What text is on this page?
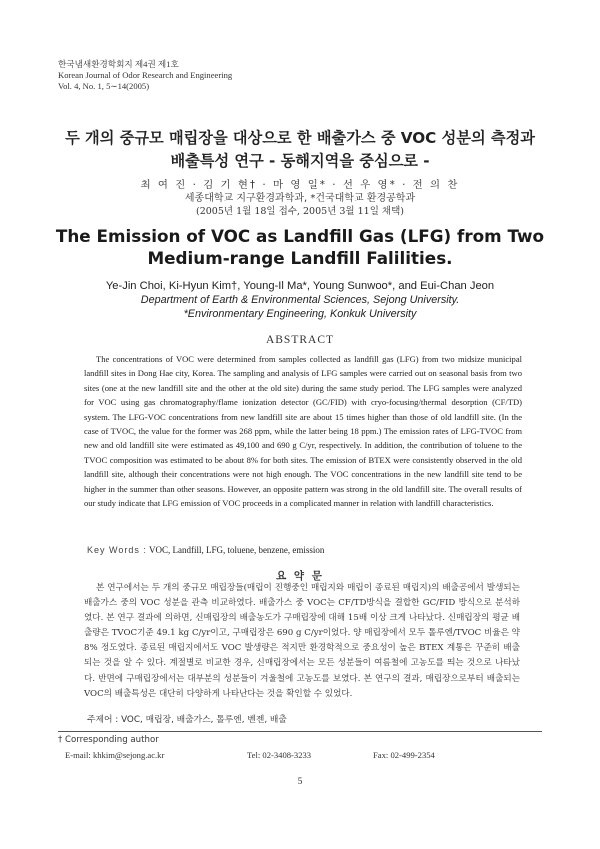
한국냄새환경학회지 제4권 제1호
Korean Journal of Odor Research and Engineering
Vol. 4, No. 1, 5∼14(2005)
두 개의 중규모 매립장을 대상으로 한 배출가스 중 VOC 성분의 측정과
배출특성 연구 - 동해지역을 중심으로 -
최 여 진 · 김 기 현† · 마 영 일* · 선 우 영* · 전 의 찬
세종대학교 지구환경과학과, *건국대학교 환경공학과
(2005년 1월 18일 접수, 2005년 3월 11일 채택)
The Emission of VOC as Landfill Gas (LFG) from Two Medium-range Landfill Falilities.
Ye-Jin Choi, Ki-Hyun Kim†, Young-Il Ma*, Young Sunwoo*, and Eui-Chan Jeon
Department of Earth & Environmental Sciences, Sejong University.
*Environmentary Engineering, Konkuk University
ABSTRACT
The concentrations of VOC were determined from samples collected as landfill gas (LFG) from two midsize municipal landfill sites in Dong Hae city, Korea. The sampling and analysis of LFG samples were carried out on seasonal basis from two sites (one at the new landfill site and the other at the old site) during the same study period. The LFG samples were analyzed for VOC using gas chromatography/flame ionization detector (GC/FID) with cryo-focusing/thermal desorption (CF/TD) system. The LFG-VOC concentrations from new landfill site are about 15 times higher than those of old landfill site. (In the case of TVOC, the value for the former was 268 ppm, while the latter being 18 ppm.) The emission rates of LFG-TVOC from new and old landfill site were estimated as 49,100 and 690 g C/yr, respectively. In addition, the contribution of toluene to the TVOC composition was estimated to be about 8% for both sites. The emission of BTEX were consistently observed in the old landfill site, although their concentrations were not high enough. The VOC concentrations in the new landfill site tend to be higher in the summer than other seasons. However, an opposite pattern was strong in the old landfill site. The overall results of our study indicate that LFG emission of VOC proceeds in a complicated manner in relation with landfill characteristics.
Key Words : VOC, Landfill, LFG, toluene, benzene, emission
요 약 문
본 연구에서는 두 개의 중규모 매립장들(매립이 진행중인 매립지와 매립이 종료된 매립지)의 배출공에서 발생되는 배출가스 중의 VOC 성분을 관측 비교하였다. 배출가스 중 VOC는 CF/TD방식을 결합한 GC/FID 방식으로 분석하였다. 본 연구 결과에 의하면, 신매립장의 배출농도가 구매립장에 대해 15배 이상 크게 나타났다. 신매립장의 평균 배출량은 TVOC기준 49.1 kg C/yr이고, 구매립장은 690 g C/yr이었다. 양 매립장에서 모두 톨루엔/TVOC 비율은 약 8% 정도였다. 종료된 매립지에서도 VOC 발생량은 적지만 환경학적으로 중요성이 높은 BTEX 계통은 꾸준히 배출되는 것을 알 수 있다. 계절별로 비교한 경우, 신매립장에서는 모든 성분들이 여름철에 고농도를 띄는 것으로 나타났다. 반면에 구매립장에서는 대부분의 성분들이 겨울철에 고농도를 보였다. 본 연구의 결과, 매립장으로부터 배출되는 VOC의 배출특성은 대단히 다양하게 나타난다는 것을 확인할 수 있었다.
주제어 : VOC, 매립장, 배출가스, 톨루엔, 벤젠, 배출
† Corresponding author
E-mail: khkim@sejong.ac.kr	Tel: 02-3408-3233	Fax: 02-499-2354
5
